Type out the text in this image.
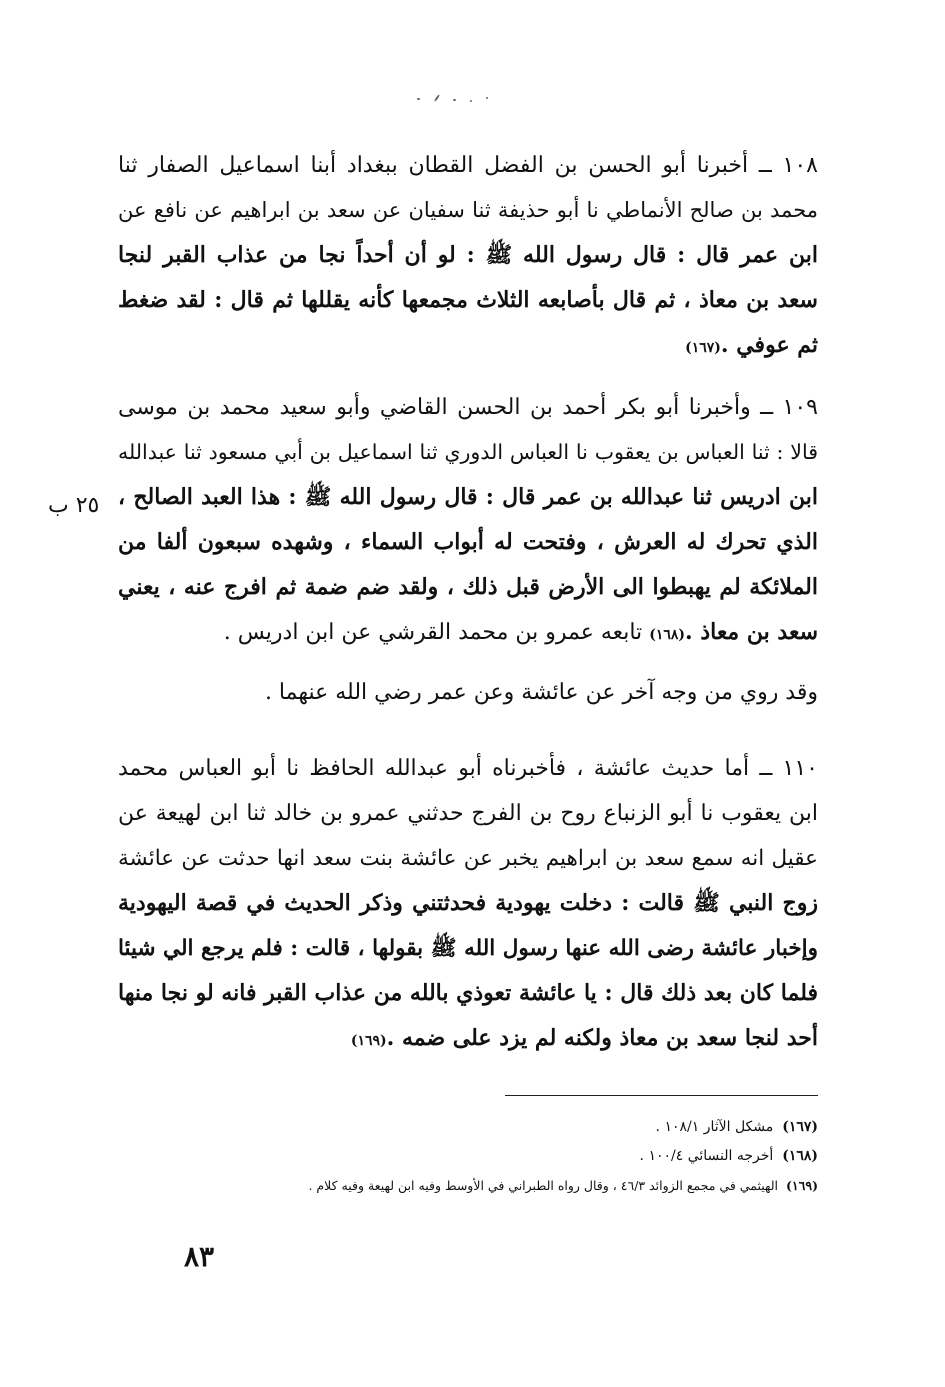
١٠٨ ــ أخبرنا أبو الحسن بن الفضل القطان ببغداد أبنا اسماعيل الصفار ثنا
محمد بن صالح الأنماطي نا أبو حذيفة ثنا سفيان عن سعد بن ابراهيم عن نافع عن
ابن عمر قال : قال رسول الله ﷺ : لو أن أحداً نجا من عذاب القبر لنجا
سعد بن معاذ ، ثم قال بأصابعه الثلاث مجمعها كأنه يقللها ثم قال : لقد ضغط
ثم عوفي .(١٦٧)
١٠٩ ــ وأخبرنا أبو بكر أحمد بن الحسن القاضي وأبو سعيد محمد بن موسى
قالا : ثنا العباس بن يعقوب نا العباس الدوري ثنا اسماعيل بن أبي مسعود ثنا عبدالله
ابن ادريس ثنا عبدالله بن عمر قال : قال رسول الله ﷺ : هذا العبد الصالح ،
الذي تحرك له العرش ، وفتحت له أبواب السماء ، وشهده سبعون ألفا من
الملائكة لم يهبطوا الى الأرض قبل ذلك ، ولقد ضم ضمة ثم افرج عنه ، يعني
سعد بن معاذ .(١٦٨) تابعه عمرو بن محمد القرشي عن ابن ادريس .
٢٥ ب
وقد روي من وجه آخر عن عائشة وعن عمر رضي الله عنهما .
١١٠ ــ أما حديث عائشة ، فأخبرناه أبو عبدالله الحافظ نا أبو العباس محمد
ابن يعقوب نا أبو الزنباع روح بن الفرج حدثني عمرو بن خالد ثنا ابن لهيعة عن
عقيل انه سمع سعد بن ابراهيم يخبر عن عائشة بنت سعد انها حدثت عن عائشة
زوج النبي ﷺ قالت : دخلت يهودية فحدثتني وذكر الحديث في قصة اليهودية
وإخبار عائشة رضى الله عنها رسول الله ﷺ بقولها ، قالت : فلم يرجع الي شيئا
فلما كان بعد ذلك قال : يا عائشة تعوذي بالله من عذاب القبر فانه لو نجا منها
أحد لنجا سعد بن معاذ ولكنه لم يزد على ضمه .(١٦٩)
(١٦٧)  مشكل الآثار ١٠٨/١ .
(١٦٨)  أخرجه النسائي ١٠٠/٤ .
(١٦٩)  الهيثمي في مجمع الزوائد ٤٦/٣ ، وقال رواه الطبراني في الأوسط وفيه ابن لهيعة وفيه كلام .
٨٣
